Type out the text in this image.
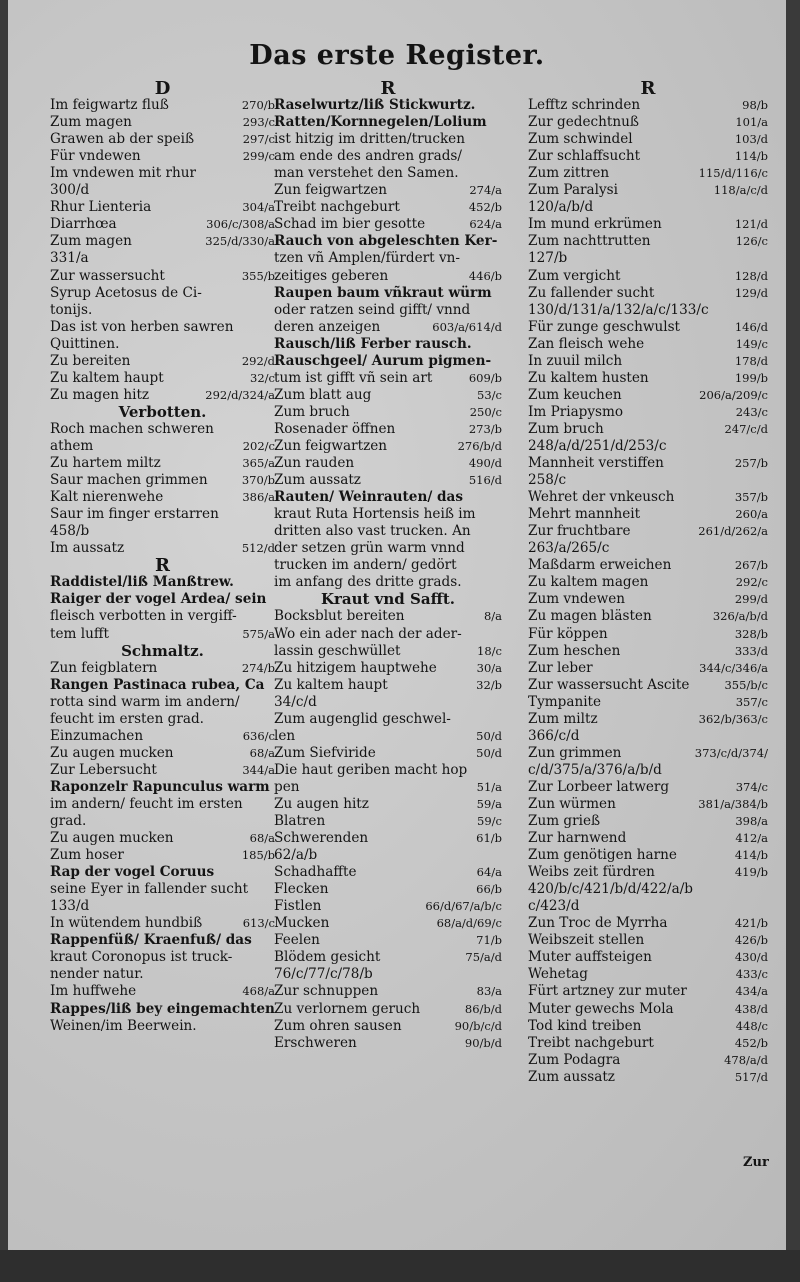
Das erste Register.
D
Im feigwartz fluß	270/b
Zum magen	293/c
Grawen ab der speiß	297/c
Für vndewen	299/c
Im vndewen mit rhur
300/d
Rhur Lienteria	304/a
Diarrhœa	306/c/308/a
Zum magen	325/d/330/a
331/a
Zur wassersucht	355/b
Syrup Acetosus de Ci-
tonijs.
Das ist von herben sawren
Quittinen.
Zu bereiten	292/d
Zu kaltem haupt	32/c
Zu magen hitz	292/d/324/a
Verbotten.
Roch machen schweren
athem	202/c
Zu hartem miltz	365/a
Saur machen grimmen	370/b
Kalt nierenwehe	386/a
Saur im finger erstarren
458/b
Im aussatz	512/d
R
Raddistel/liß Manßtrew.
Raiger der vogel Ardea/ sein
fleisch verbotten in vergiff-
tem lufft	575/a
Schmaltz.
Zun feigblatern	274/b
Rangen Pastinaca rubea, Ca
rotta sind warm im andern/
feucht im ersten grad.
Einzumachen	636/c
Zu augen mucken	68/a
Zur Lebersucht	344/a
Raponzelr Rapunculus warm
im andern/ feucht im ersten
grad.
Zu augen mucken	68/a
Zum hoser	185/b
Rap der vogel Coruus
seine Eyer in fallender sucht
133/d
In wütendem hundbiß	613/c
Rappenfüß/ Kraenfuß/ das
kraut Coronopus ist truck-
nender natur.
Im huffwehe	468/a
Rappes/liß bey eingemachten
Weinen/im Beerwein.
R
Raselwurtz/liß Stickwurtz.
Ratten/Kornnegelen/Lolium
ist hitzig im dritten/trucken
am ende des andren grads/
man verstehet den Samen.
Zun feigwartzen	274/a
Treibt nachgeburt	452/b
Schad im bier gesotte	624/a
Rauch von abgeleschten Ker-
tzen vñ Amplen/fürdert vn-
zeitiges geberen	446/b
Raupen baum vñkraut würm
oder ratzen seind gifft/ vnnd
deren anzeigen	603/a/614/d
Rausch/liß Ferber rausch.
Rauschgeel/ Aurum pigmen-
tum ist gifft vñ sein art	609/b
Zum blatt aug	53/c
Zum bruch	250/c
Rosenader öffnen	273/b
Zun feigwartzen	276/b/d
Zun rauden	490/d
Zum aussatz	516/d
Rauten/ Weinrauten/ das
kraut Ruta Hortensis heiß im
dritten also vast trucken. An
der setzen grün warm vnnd
trucken im andern/ gedört
im anfang des dritte grads.
Kraut vnd Safft.
Bocksblut bereiten	8/a
Wo ein ader nach der ader-
lassin geschwüllet	18/c
Zu hitzigem hauptwehe	30/a
Zu kaltem haupt	32/b
34/c/d
Zum augenglid geschwel-
len	50/d
Zum Siefviride	50/d
Die haut geriben macht hop
pen	51/a
Zu augen hitz	59/a
Blatren	59/c
Schwerenden	61/b
62/a/b
Schadhaffte	64/a
Flecken	66/b
Fistlen	66/d/67/a/b/c
Mucken	68/a/d/69/c
Feelen	71/b
Blödem gesicht	75/a/d
76/c/77/c/78/b
Zur schnuppen	83/a
Zu verlornem geruch	86/b/d
Zum ohren sausen	90/b/c/d
Erschweren	90/b/d
R
Lefftz schrinden	98/b
Zur gedechtnuß	101/a
Zum schwindel	103/d
Zur schlaffsucht	114/b
Zum zittren	115/d/116/c
Zum Paralysi	118/a/c/d
120/a/b/d
Im mund erkrümen	121/d
Zum nachttrutten	126/c
127/b
Zum vergicht	128/d
Zu fallender sucht	129/d
130/d/131/a/132/a/c/133/c
Für zunge geschwulst	146/d
Zan fleisch wehe	149/c
In zuuil milch	178/d
Zu kaltem husten	199/b
Zum keuchen	206/a/209/c
Im Priapysmo	243/c
Zum bruch	247/c/d
248/a/d/251/d/253/c
Mannheit verstiffen	257/b
258/c
Wehret der vnkeusch	357/b
Mehrt mannheit	260/a
Zur fruchtbare	261/d/262/a
263/a/265/c
Maßdarm erweichen	267/b
Zu kaltem magen	292/c
Zum vndewen	299/d
Zu magen blästen	326/a/b/d
Für köppen	328/b
Zum heschen	333/d
Zur leber	344/c/346/a
Zur wassersucht Ascite	355/b/c
Tympanite	357/c
Zum miltz	362/b/363/c
366/c/d
Zun grimmen	373/c/d/374/
c/d/375/a/376/a/b/d
Zur Lorbeer latwerg	374/c
Zun würmen	381/a/384/b
Zum grieß	398/a
Zur harnwend	412/a
Zum genötigen harne	414/b
Weibs zeit fürdren	419/b
420/b/c/421/b/d/422/a/b
c/423/d
Zun Troc de Myrrha	421/b
Weibszeit stellen	426/b
Muter auffsteigen	430/d
Wehetag	433/c
Fürt artzney zur muter	434/a
Muter gewechs Mola	438/d
Tod kind treiben	448/c
Treibt nachgeburt	452/b
Zum Podagra	478/a/d
Zum aussatz	517/d
Zur
